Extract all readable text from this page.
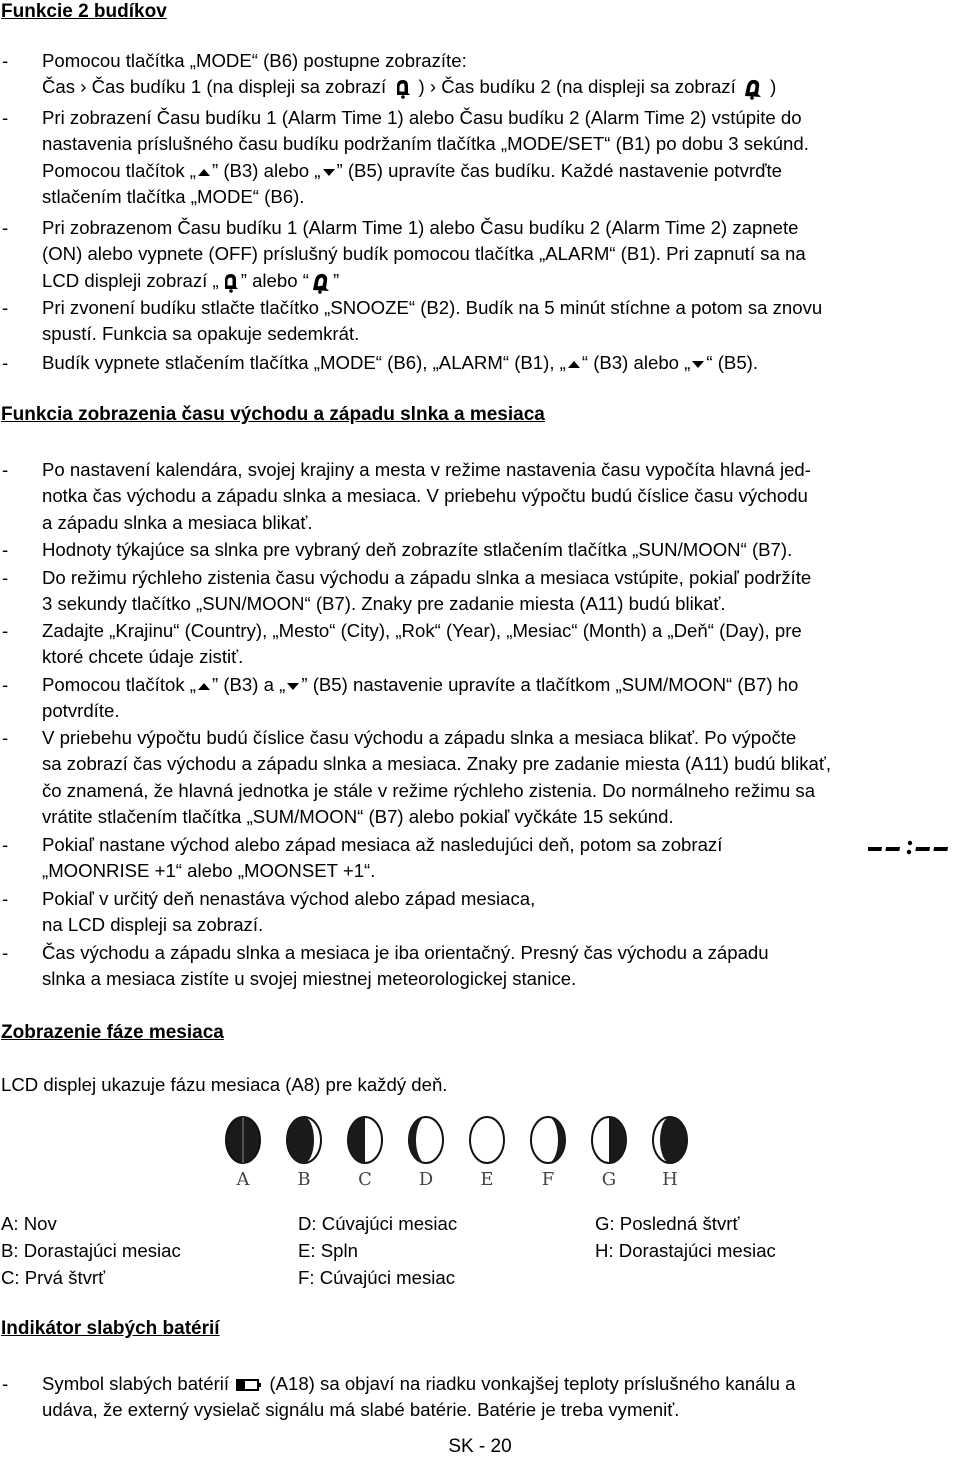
Funkcie 2 budíkov
- Pomocou tlačítka „MODE“ (B6) postupne zobrazíte:
Čas › Čas budíku 1 (na displeji sa zobrazí  ) › Čas budíku 2 (na displeji sa zobrazí  )
- Pri zobrazení Času budíku 1 (Alarm Time 1) alebo Času budíku 2 (Alarm Time 2) vstúpite do
nastavenia príslušného času budíku podržaním tlačítka „MODE/SET“ (B1) po dobu 3 sekúnd.
Pomocou tlačítok „ ” (B3) alebo „ ” (B5) upravíte čas budíku. Každé nastavenie potvrďte
stlačením tlačítka „MODE“ (B6).
- Pri zobrazenom Času budíku 1 (Alarm Time 1) alebo Času budíku 2 (Alarm Time 2) zapnete
(ON) alebo vypnete (OFF) príslušný budík pomocou tlačítka „ALARM“ (B1). Pri zapnutí sa na
LCD displeji zobrazí „ ” alebo “ ”
- Pri zvonení budíku stlačte tlačítko „SNOOZE“ (B2). Budík na 5 minút stíchne a potom sa znovu
spustí. Funkcia sa opakuje sedemkrát.
- Budík vypnete stlačením tlačítka „MODE“ (B6), „ALARM“ (B1), „ “ (B3) alebo „ “ (B5).
Funkcia zobrazenia času východu a západu slnka a mesiaca
- Po nastavení kalendára, svojej krajiny a mesta v režime nastavenia času vypočíta hlavná jed-
notka čas východu a západu slnka a mesiaca. V priebehu výpočtu budú číslice času východu
a západu slnka a mesiaca blikať.
- Hodnoty týkajúce sa slnka pre vybraný deň zobrazíte stlačením tlačítka „SUN/MOON“ (B7).
- Do režimu rýchleho zistenia času východu a západu slnka a mesiaca vstúpite, pokiaľ podržíte
3 sekundy tlačítko „SUN/MOON“ (B7). Znaky pre zadanie miesta (A11) budú blikať.
- Zadajte „Krajinu“ (Country), „Mesto“ (City), „Rok“ (Year), „Mesiac“ (Month) a „Deň“ (Day), pre
ktoré chcete údaje zistiť.
- Pomocou tlačítok „ ” (B3) a „ ” (B5) nastavenie upravíte a tlačítkom „SUM/MOON“ (B7) ho
potvrdíte.
- V priebehu výpočtu budú číslice času východu a západu slnka a mesiaca blikať. Po výpočte
sa zobrazí čas východu a západu slnka a mesiaca. Znaky pre zadanie miesta (A11) budú blikať,
čo znamená, že hlavná jednotka je stále v režime rýchleho zistenia. Do normálneho režimu sa
vrátite stlačením tlačítka „SUM/MOON“ (B7) alebo pokiaľ vyčkáte 15 sekúnd.
- Pokiaľ nastane východ alebo západ mesiaca až nasledujúci deň, potom sa zobrazí
„MOONRISE +1“ alebo „MOONSET +1“.
- Pokiaľ v určitý deň nenastáva východ alebo západ mesiaca,
na LCD displeji sa zobrazí.
- Čas východu a západu slnka a mesiaca je iba orientačný. Presný čas východu a západu
slnka a mesiaca zistíte u svojej miestnej meteorologickej stanice.
Zobrazenie fáze mesiaca
LCD displej ukazuje fázu mesiaca (A8) pre každý deň.
A	B	C	D	E	F	G	H
A: Nov
B: Dorastajúci mesiac
C: Prvá štvrť
D: Cúvajúci mesiac
E: Spln
F: Cúvajúci mesiac
G: Posledná štvrť
H: Dorastajúci mesiac
Indikátor slabých batérií
- Symbol slabých batérií  (A18) sa objaví na riadku vonkajšej teploty príslušného kanálu a
udáva, že externý vysielač signálu má slabé batérie. Batérie je treba vymeniť.
SK - 20
